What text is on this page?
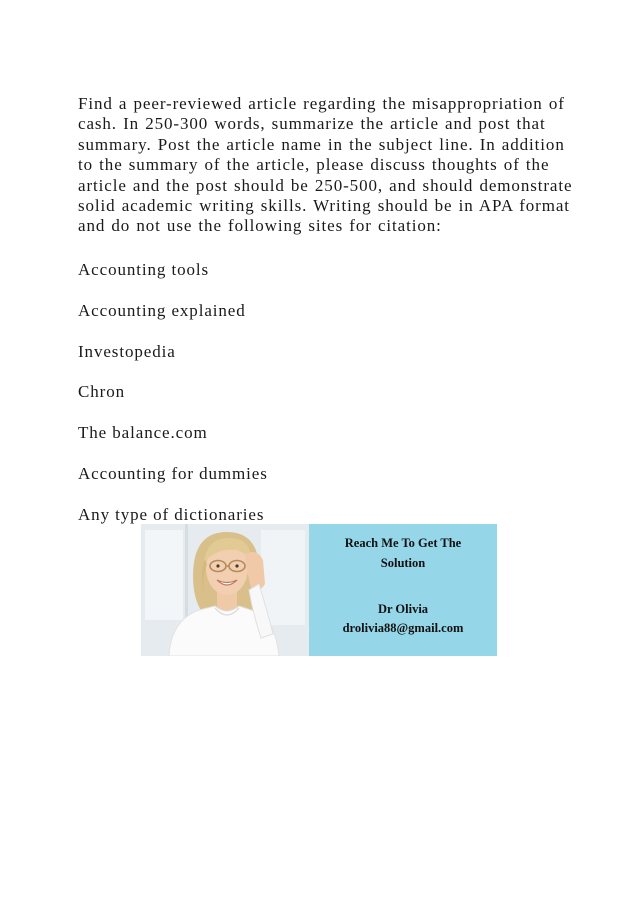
Find a peer-reviewed article regarding the misappropriation of
cash. In 250-300 words, summarize the article and post that
summary. Post the article name in the subject line. In addition
to the summary of the article, please discuss thoughts of the
article and the post should be 250-500, and should demonstrate
solid academic writing skills. Writing should be in APA format
and do not use the following sites for citation:

Accounting tools

Accounting explained

Investopedia

Chron

The balance.com

Accounting for dummies

Any type of dictionaries

Reach Me To Get The
Solution
Dr Olivia
drolivia88@gmail.com
